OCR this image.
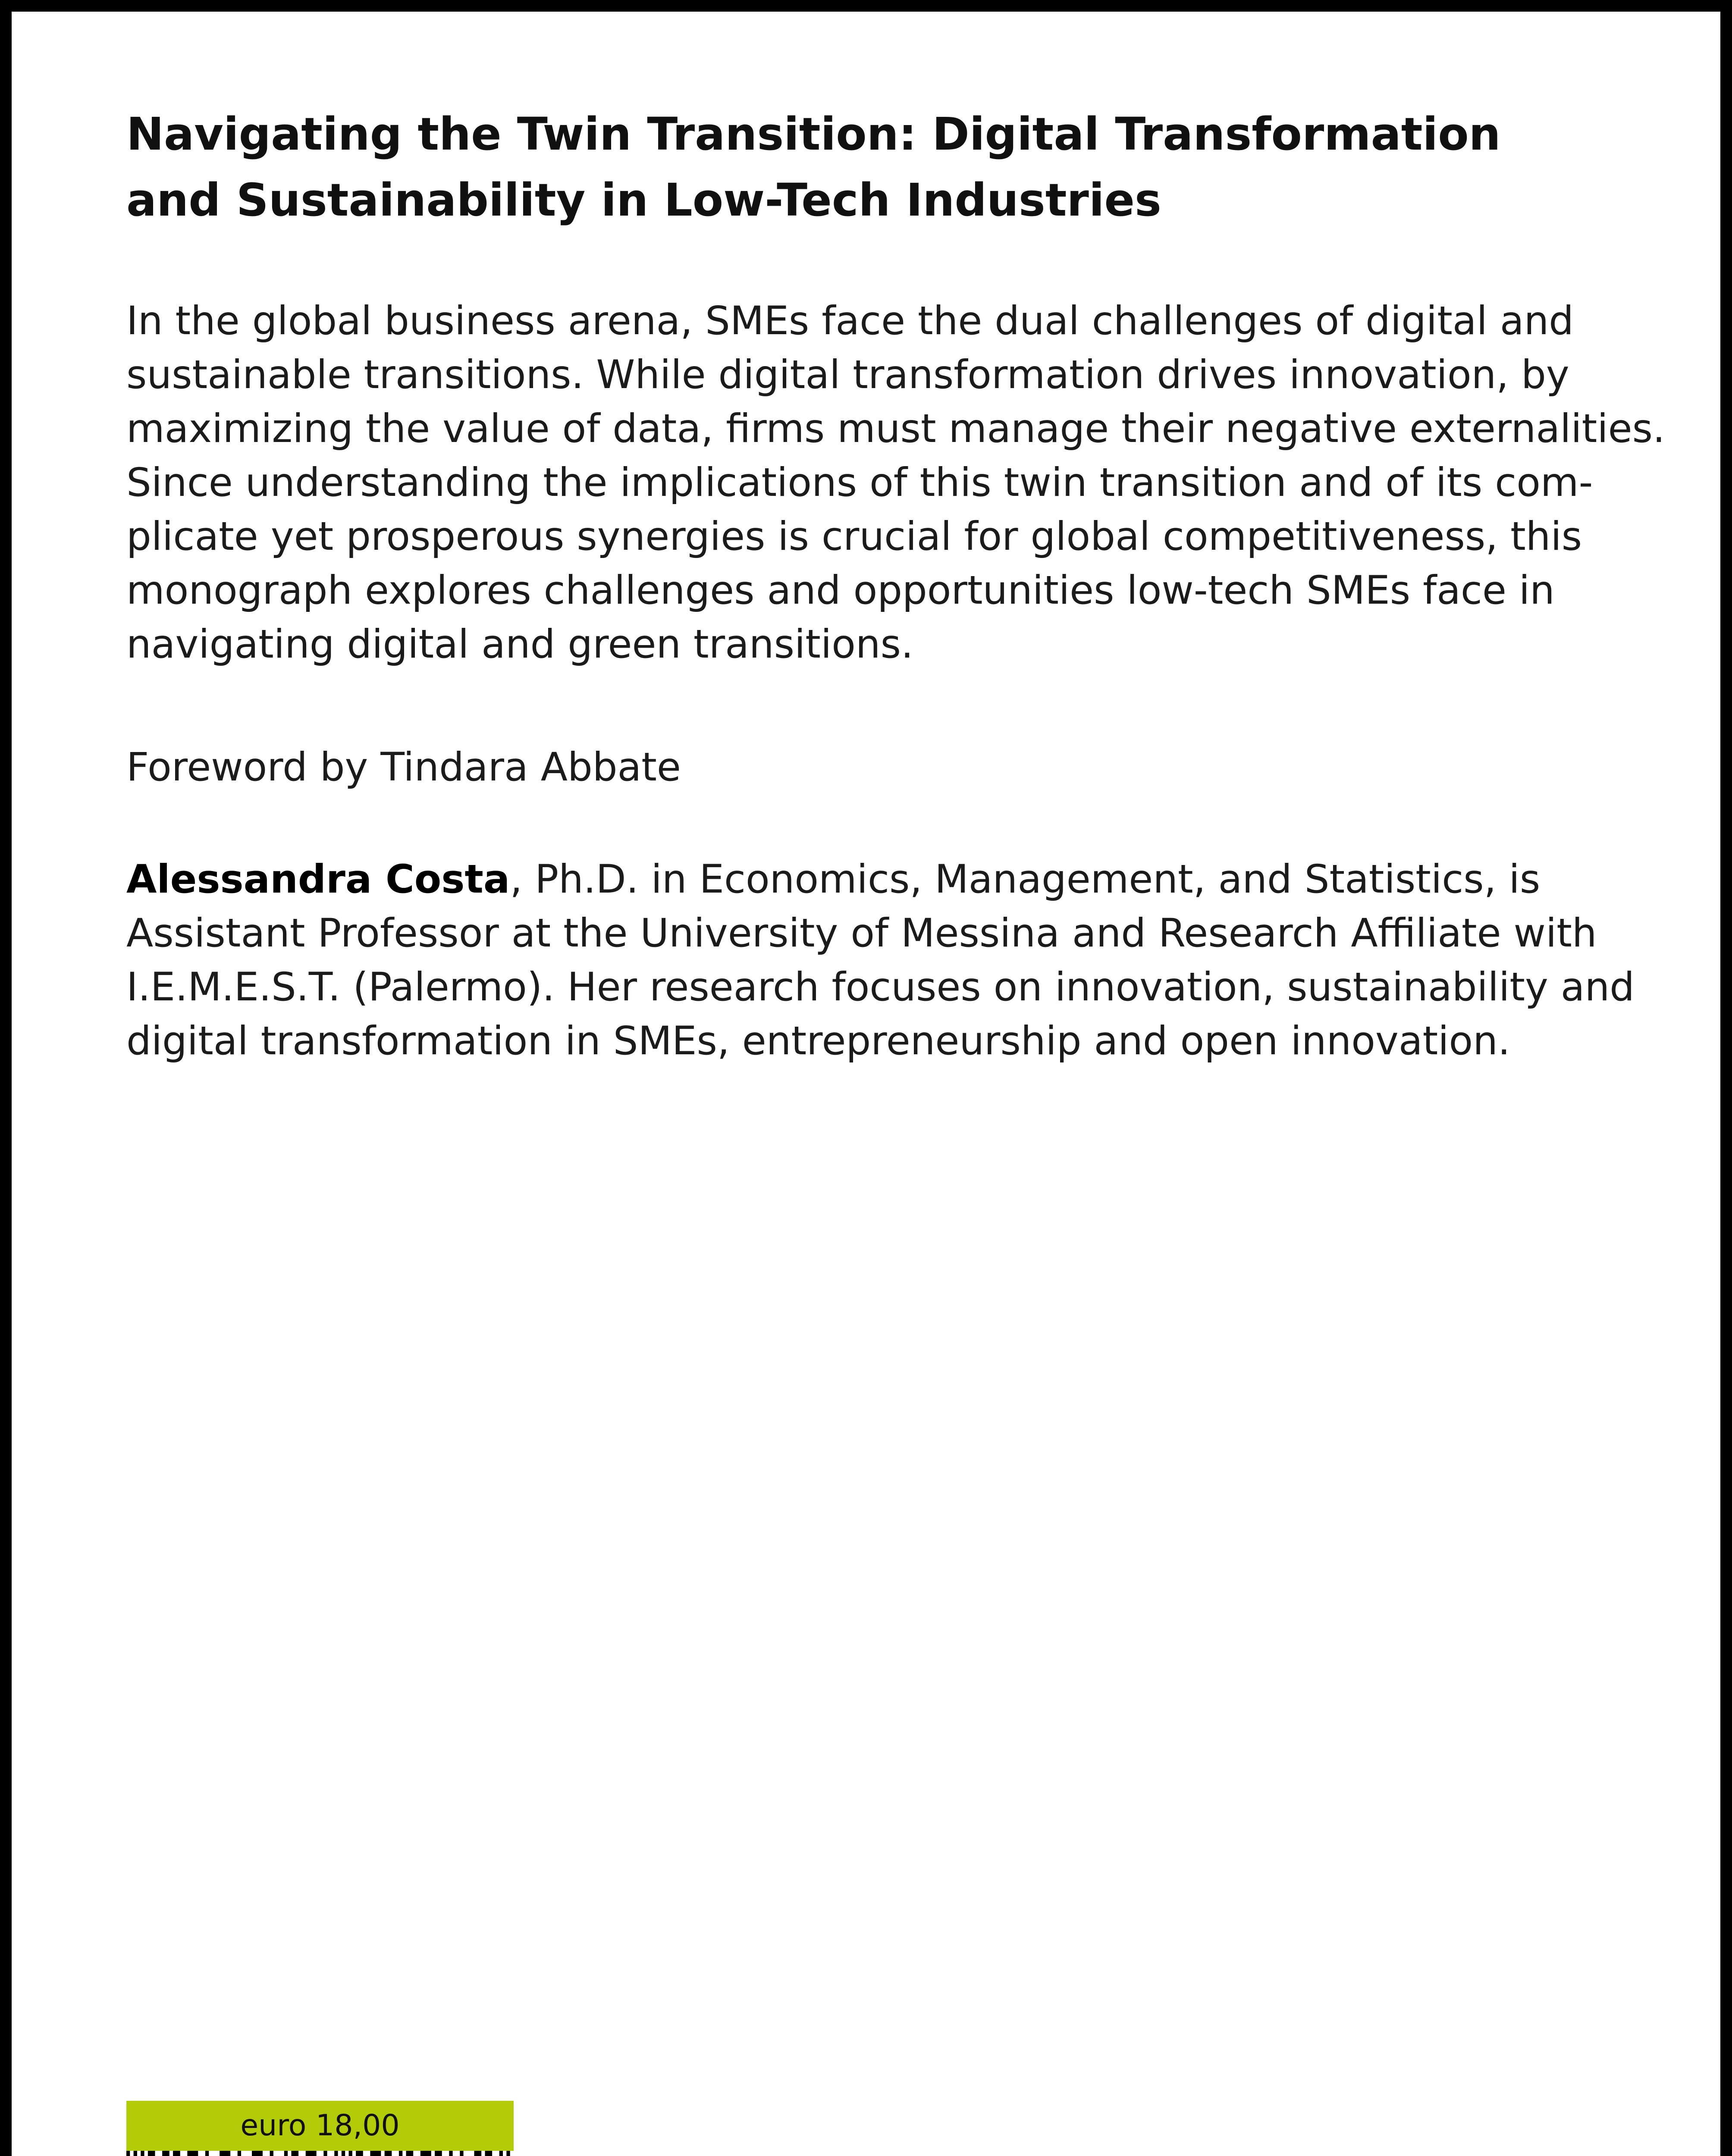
Navigating the Twin Transition: Digital Transformation
and Sustainability in Low-Tech Industries

In the global business arena, SMEs face the dual challenges of digital and
sustainable transitions. While digital transformation drives innovation, by
maximizing the value of data, firms must manage their negative externalities.
Since understanding the implications of this twin transition and of its com-
plicate yet prosperous synergies is crucial for global competitiveness, this
monograph explores challenges and opportunities low-tech SMEs face in
navigating digital and green transitions.

Foreword by Tindara Abbate

Alessandra Costa, Ph.D. in Economics, Management, and Statistics, is
Assistant Professor at the University of Messina and Research Affiliate with
I.E.M.E.S.T. (Palermo). Her research focuses on innovation, sustainability and
digital transformation in SMEs, entrepreneurship and open innovation.

euro 18,00
